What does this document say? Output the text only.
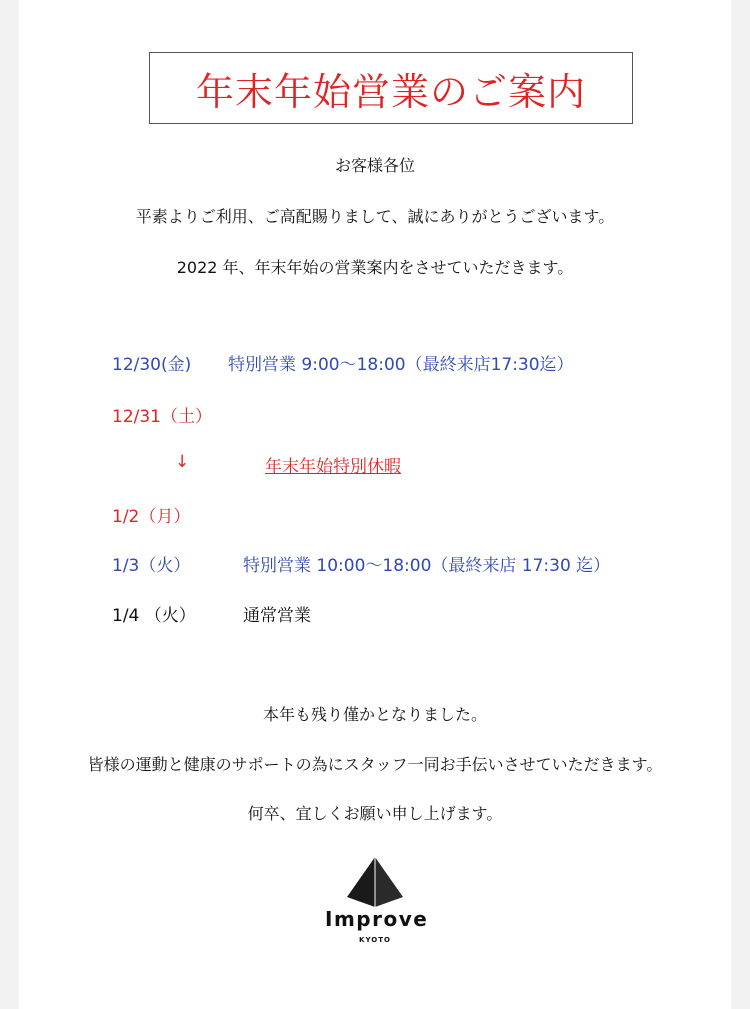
年末年始営業のご案内
お客様各位
平素よりご利用、ご高配賜りまして、誠にありがとうございます。
2022 年、年末年始の営業案内をさせていただきます。
12/30(金) 特別営業 9:00～18:00（最終来店17:30迄）
12/31（土）
↓	年末年始特別休暇
1/2（月）
1/3（火）	特別営業 10:00～18:00（最終来店 17:30 迄）
1/4 （火）	通常営業
本年も残り僅かとなりました。
皆様の運動と健康のサポートの為にスタッフ一同お手伝いさせていただきます。
何卒、宜しくお願い申し上げます。
Improve
KYOTO
